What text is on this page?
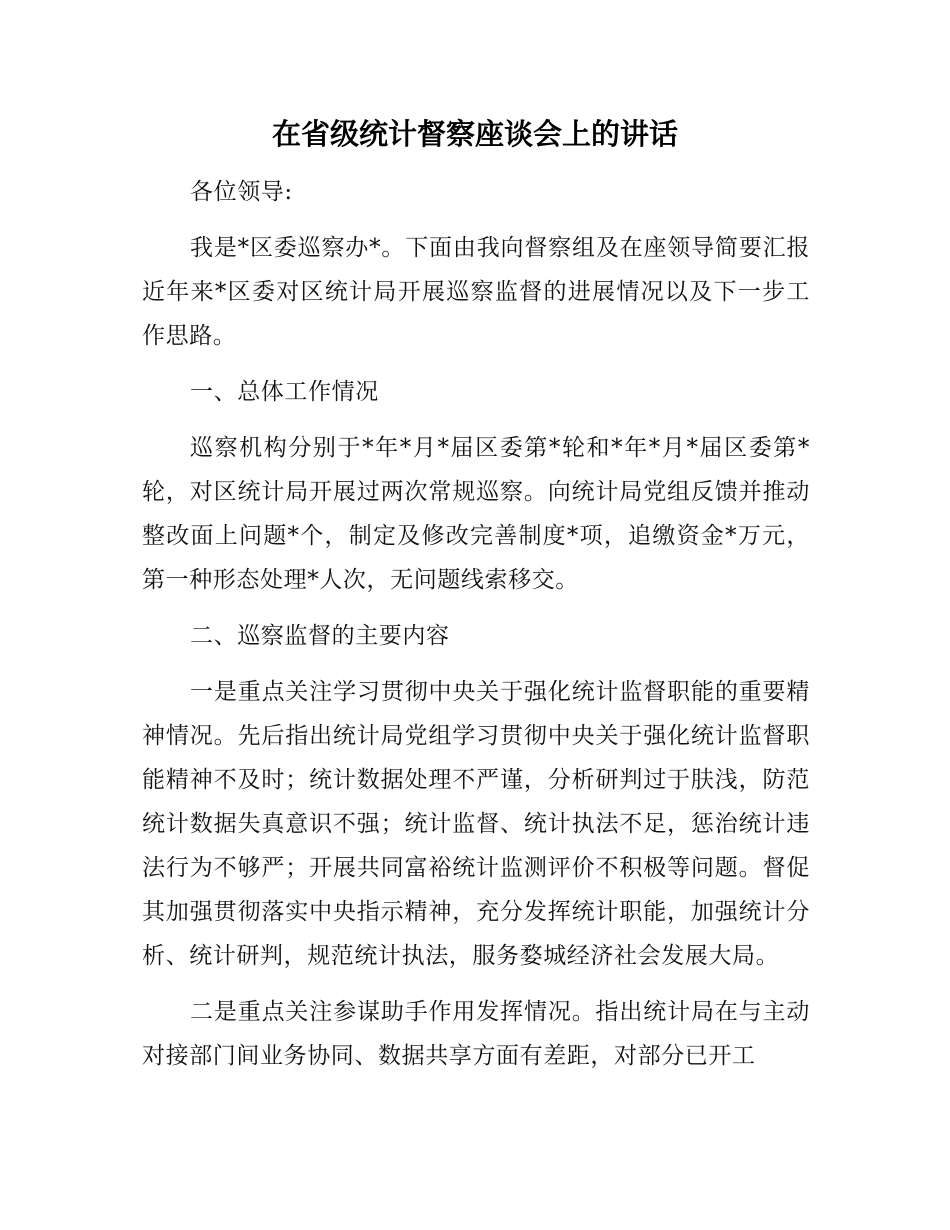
在省级统计督察座谈会上的讲话

各位领导:

我是*区委巡察办*。下面由我向督察组及在座领导简要汇报近年来*区委对区统计局开展巡察监督的进展情况以及下一步工作思路。

一、总体工作情况

巡察机构分别于*年*月*届区委第*轮和*年*月*届区委第*轮，对区统计局开展过两次常规巡察。向统计局党组反馈并推动整改面上问题*个，制定及修改完善制度*项，追缴资金*万元，第一种形态处理*人次，无问题线索移交。

二、巡察监督的主要内容

一是重点关注学习贯彻中央关于强化统计监督职能的重要精神情况。先后指出统计局党组学习贯彻中央关于强化统计监督职能精神不及时；统计数据处理不严谨，分析研判过于肤浅，防范统计数据失真意识不强；统计监督、统计执法不足，惩治统计违法行为不够严；开展共同富裕统计监测评价不积极等问题。督促其加强贯彻落实中央指示精神，充分发挥统计职能，加强统计分析、统计研判，规范统计执法，服务婺城经济社会发展大局。

二是重点关注参谋助手作用发挥情况。指出统计局在与主动对接部门间业务协同、数据共享方面有差距，对部分已开工
